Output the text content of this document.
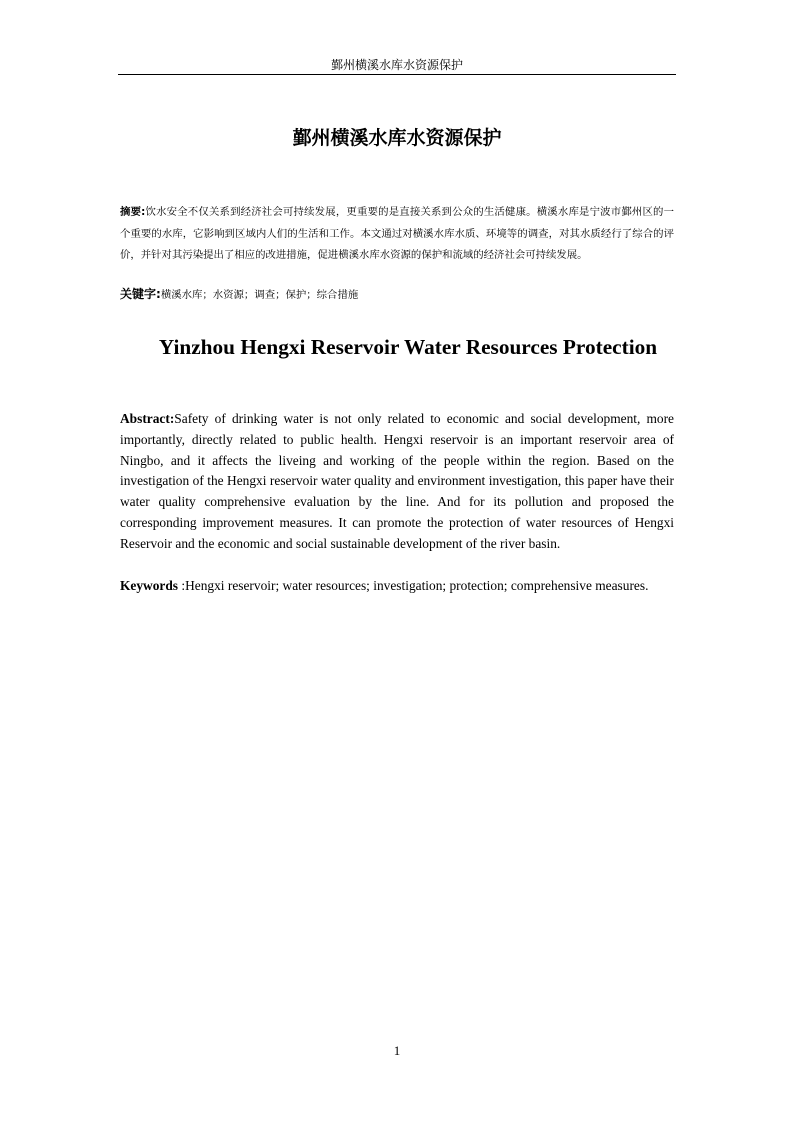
鄞州横溪水库水资源保护
鄞州横溪水库水资源保护
摘要:饮水安全不仅关系到经济社会可持续发展，更重要的是直接关系到公众的生活健康。横溪水库是宁波市鄞州区的一个重要的水库，它影响到区域内人们的生活和工作。本文通过对横溪水库水质、环境等的调查，对其水质经行了综合的评价，并针对其污染提出了相应的改进措施，促进横溪水库水资源的保护和流域的经济社会可持续发展。
关键字:横溪水库；水资源；调查；保护；综合措施
Yinzhou Hengxi Reservoir Water Resources Protection
Abstract:Safety of drinking water is not only related to economic and social development, more importantly, directly related to public health. Hengxi reservoir is an important reservoir area of Ningbo, and it affects the liveing and working of the people within the region. Based on the investigation of the Hengxi reservoir water quality and environment investigation, this paper have their water quality comprehensive evaluation by the line. And for its pollution and proposed the corresponding improvement measures. It can promote the protection of water resources of Hengxi Reservoir and the economic and social sustainable development of the river basin.
Keywords :Hengxi reservoir; water resources; investigation; protection; comprehensive measures.
1
